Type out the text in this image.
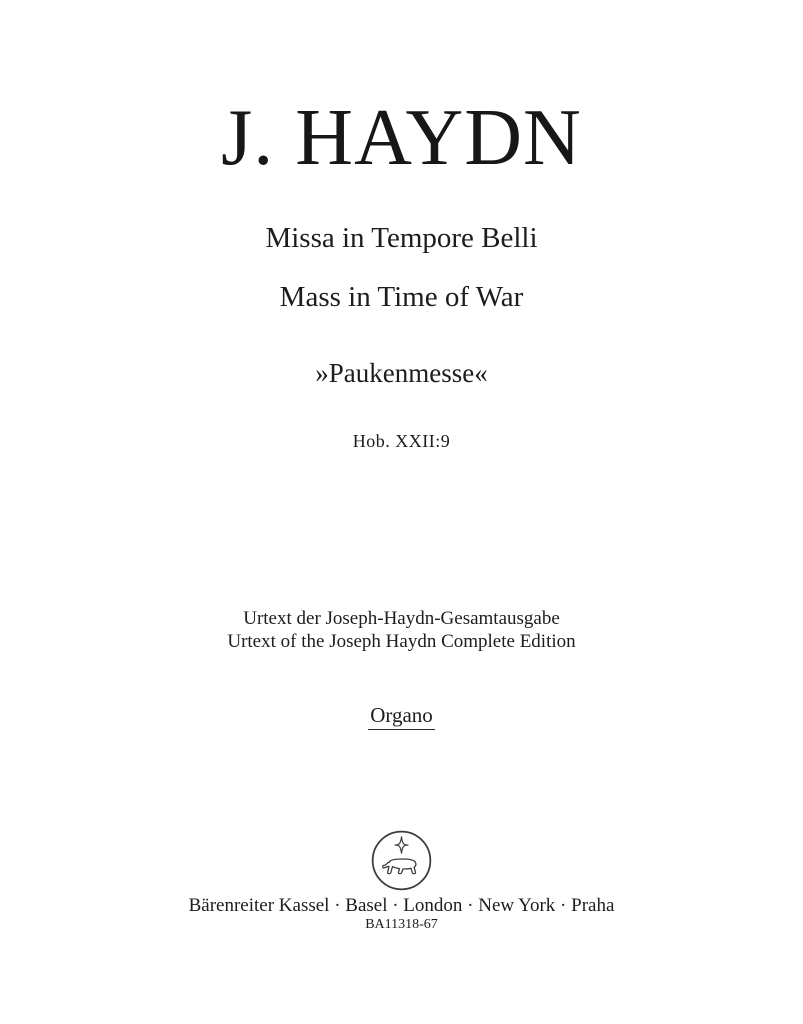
J. HAYDN
Missa in Tempore Belli
Mass in Time of War
»Paukenmesse«
Hob. XXII:9
Urtext der Joseph-Haydn-Gesamtausgabe
Urtext of the Joseph Haydn Complete Edition
Organo
Bärenreiter Kassel · Basel · London · New York · Praha
BA11318-67
